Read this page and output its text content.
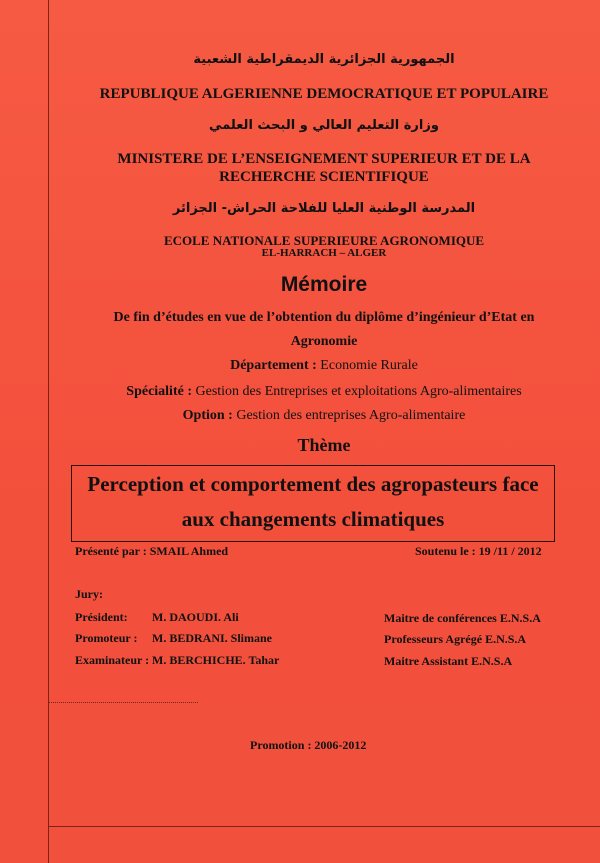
الجمهورية الجزائرية الديمقراطية الشعبية
REPUBLIQUE ALGERIENNE DEMOCRATIQUE ET POPULAIRE
وزارة التعليم العالي و البحث العلمي
MINISTERE DE L’ENSEIGNEMENT SUPERIEUR ET DE LA
RECHERCHE SCIENTIFIQUE
المدرسة الوطنية العليا للفلاحة الحراش- الجزائر
ECOLE NATIONALE SUPERIEURE AGRONOMIQUE
EL-HARRACH – ALGER
Mémoire
De fin d’études en vue de l’obtention du diplôme d’ingénieur d’Etat en
Agronomie
Département : Economie Rurale
Spécialité : Gestion des Entreprises et exploitations Agro-alimentaires
Option : Gestion des entreprises Agro-alimentaire
Thème
Perception et comportement des agropasteurs face
aux changements climatiques
Présenté par : SMAIL Ahmed	Soutenu le : 19 /11 / 2012
Jury:
Président: M. DAOUDI. Ali	Maitre de conférences E.N.S.A
Promoteur : M. BEDRANI. Slimane	Professeurs Agrégé E.N.S.A
Examinateur : M. BERCHICHE. Tahar	Maitre Assistant E.N.S.A
Promotion : 2006-2012
